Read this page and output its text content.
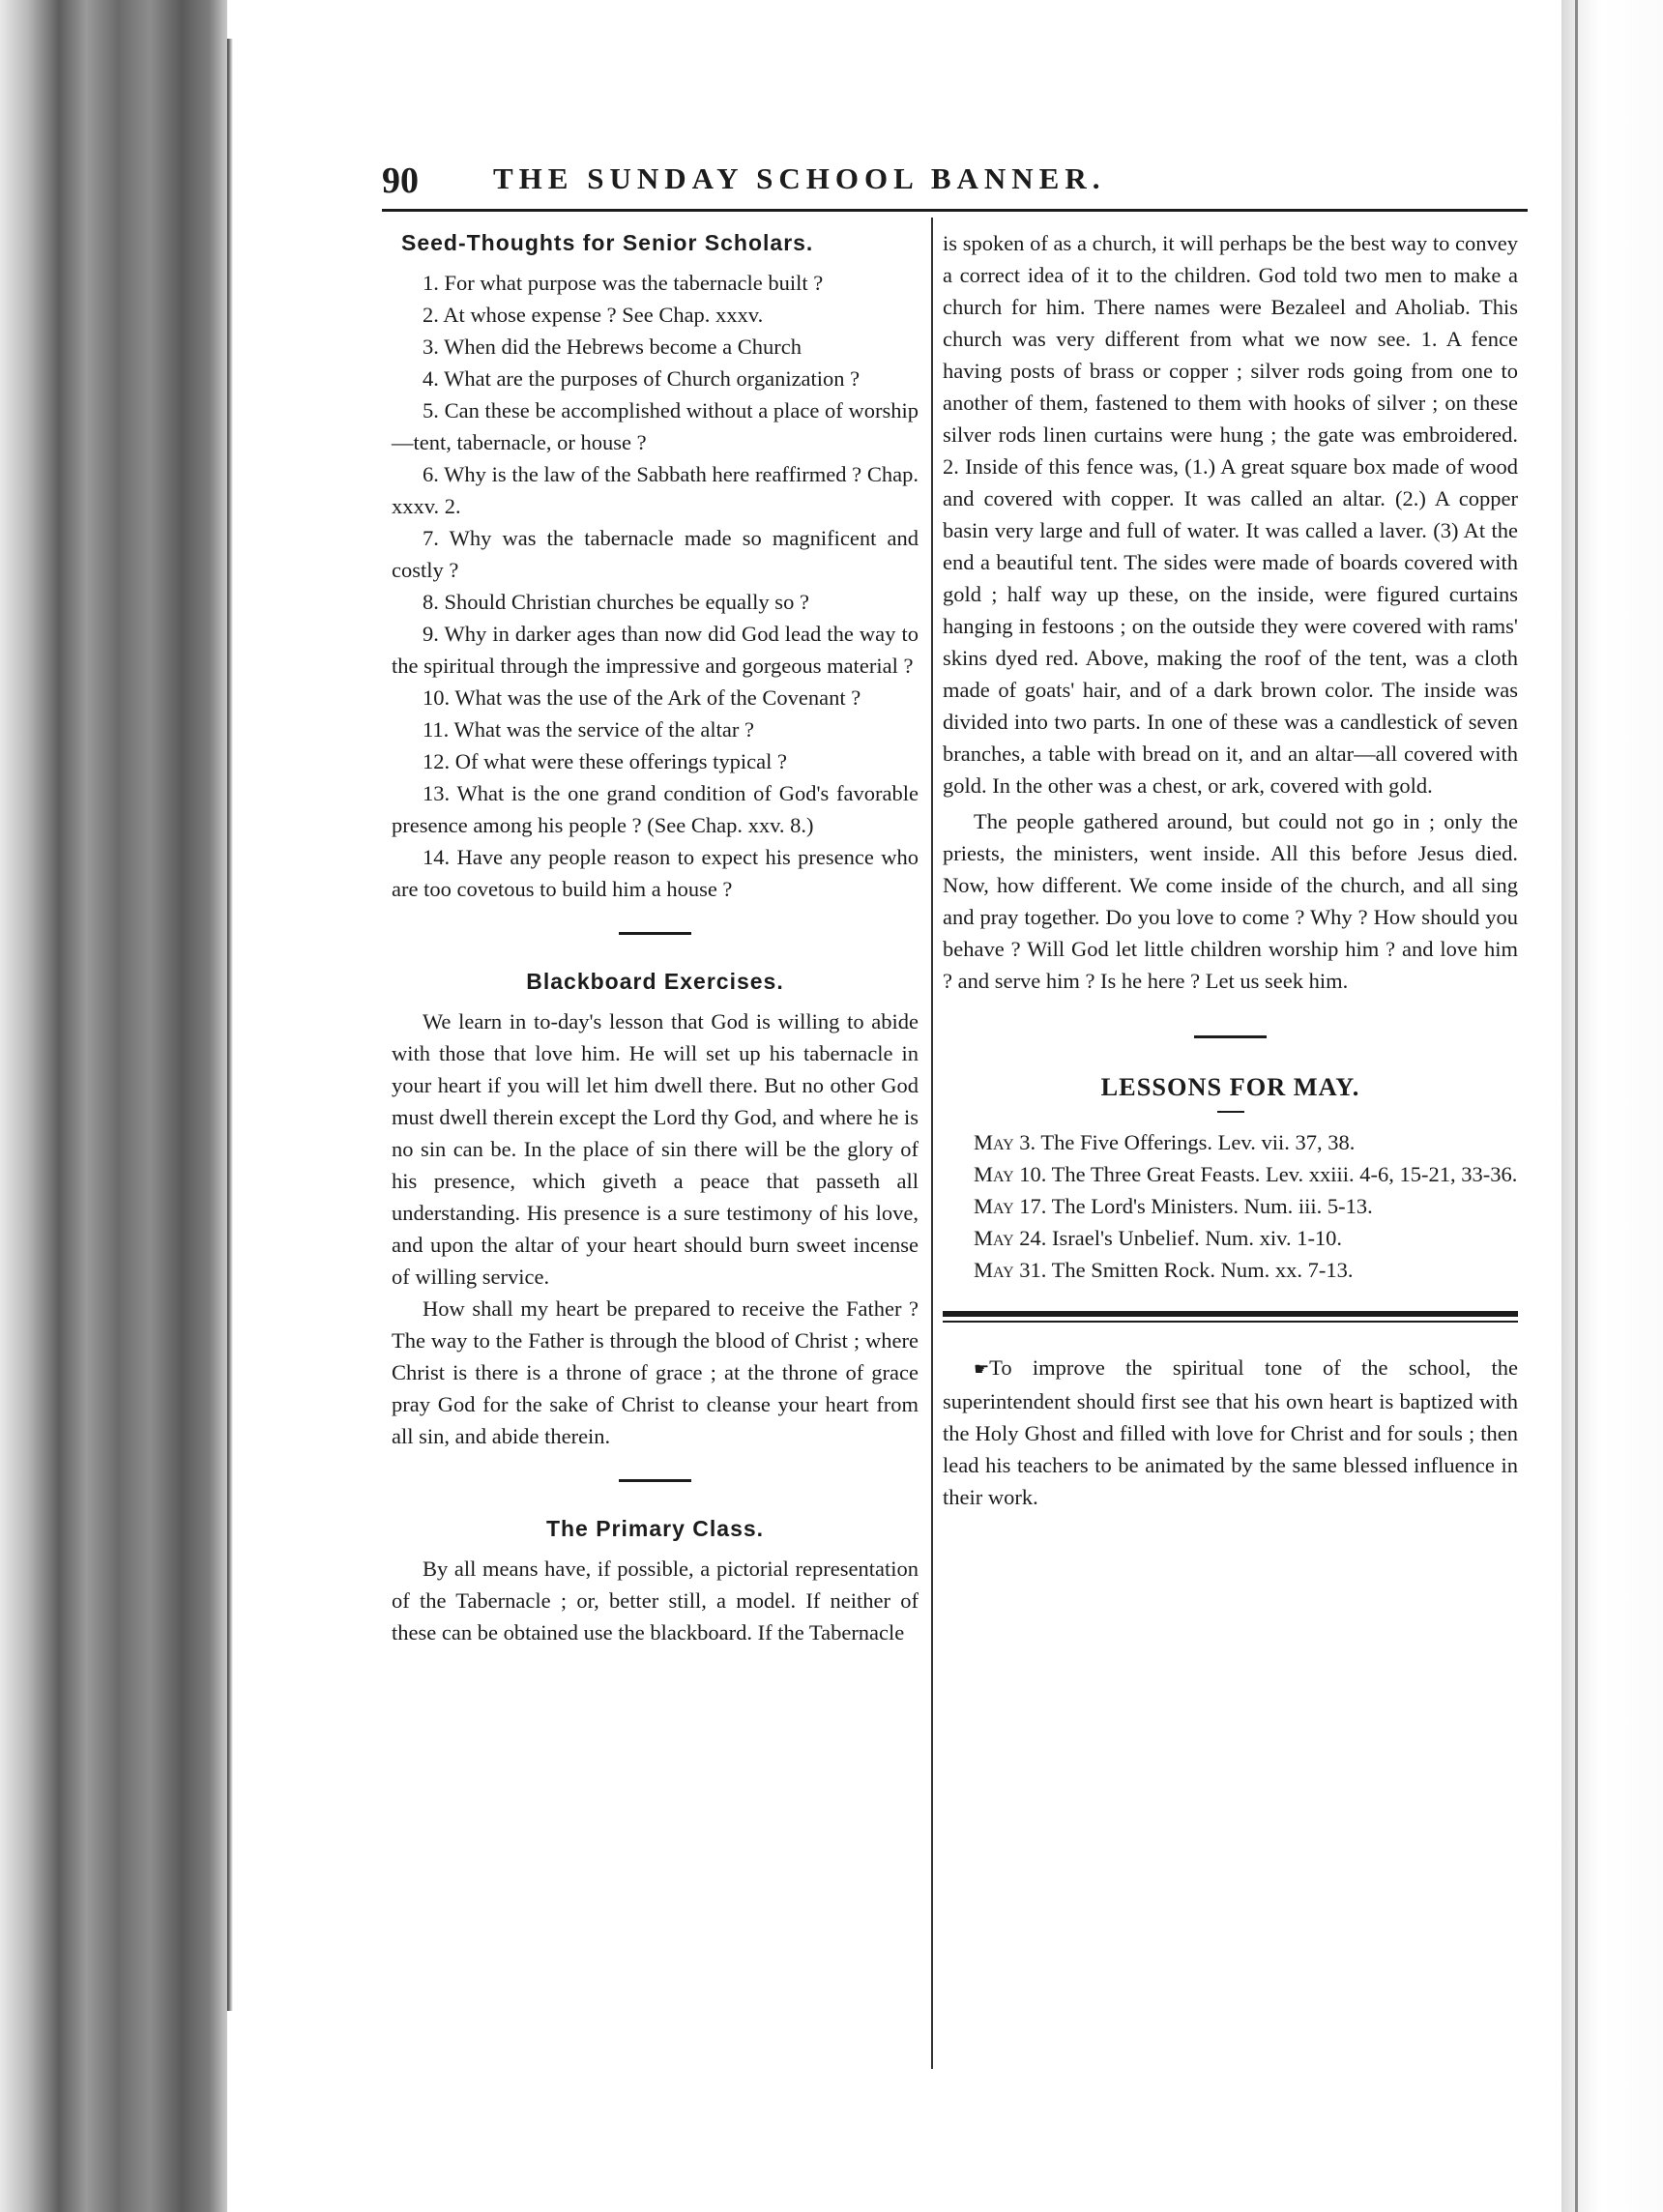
90 THE SUNDAY SCHOOL BANNER.
Seed-Thoughts for Senior Scholars.
1. For what purpose was the tabernacle built ?
2. At whose expense ? See Chap. xxxv.
3. When did the Hebrews become a Church
4. What are the purposes of Church organization ?
5. Can these be accomplished without a place of worship—tent, tabernacle, or house ?
6. Why is the law of the Sabbath here reaffirmed ? Chap. xxxv. 2.
7. Why was the tabernacle made so magnificent and costly ?
8. Should Christian churches be equally so ?
9. Why in darker ages than now did God lead the way to the spiritual through the impressive and gorgeous material ?
10. What was the use of the Ark of the Covenant ?
11. What was the service of the altar ?
12. Of what were these offerings typical ?
13. What is the one grand condition of God's favorable presence among his people ? (See Chap. xxv. 8.)
14. Have any people reason to expect his presence who are too covetous to build him a house ?
Blackboard Exercises.

We learn in to-day's lesson that God is willing to abide with those that love him. He will set up his tabernacle in your heart if you will let him dwell there. But no other God must dwell therein except the Lord thy God, and where he is no sin can be. In the place of sin there will be the glory of his presence, which giveth a peace that passeth all understanding. His presence is a sure testimony of his love, and upon the altar of your heart should burn sweet incense of willing service.

How shall my heart be prepared to receive the Father ? The way to the Father is through the blood of Christ ; where Christ is there is a throne of grace ; at the throne of grace pray God for the sake of Christ to cleanse your heart from all sin, and abide therein.

The Primary Class.

By all means have, if possible, a pictorial representation of the Tabernacle ; or, better still, a model. If neither of these can be obtained use the blackboard. If the Tabernacle

is spoken of as a church, it will perhaps be the best way to convey a correct idea of it to the children. God told two men to make a church for him. There names were Bezaleel and Aholiab. This church was very different from what we now see. 1. A fence having posts of brass or copper ; silver rods going from one to another of them, fastened to them with hooks of silver ; on these silver rods linen curtains were hung ; the gate was embroidered. 2. Inside of this fence was, (1.) A great square box made of wood and covered with copper. It was called an altar. (2.) A copper basin very large and full of water. It was called a laver. (3) At the end a beautiful tent. The sides were made of boards covered with gold ; half way up these, on the inside, were figured curtains hanging in festoons ; on the outside they were covered with rams' skins dyed red. Above, making the roof of the tent, was a cloth made of goats' hair, and of a dark brown color. The inside was divided into two parts. In one of these was a candlestick of seven branches, a table with bread on it, and an altar—all covered with gold. In the other was a chest, or ark, covered with gold.

The people gathered around, but could not go in ; only the priests, the ministers, went inside. All this before Jesus died. Now, how different. We come inside of the church, and all sing and pray together. Do you love to come ? Why ? How should you behave ? Will God let little children worship him ? and love him ? and serve him ? Is he here ? Let us seek him.

LESSONS FOR MAY.

May 3. The Five Offerings. Lev. vii. 37, 38.

May 10. The Three Great Feasts. Lev. xxiii. 4-6, 15-21, 33-36.

May 17. The Lord's Ministers. Num. iii. 5-13.

May 24. Israel's Unbelief. Num. xiv. 1-10.

May 31. The Smitten Rock. Num. xx. 7-13.

☛To improve the spiritual tone of the school, the superintendent should first see that his own heart is baptized with the Holy Ghost and filled with love for Christ and for souls ; then lead his teachers to be animated by the same blessed influence in their work.
